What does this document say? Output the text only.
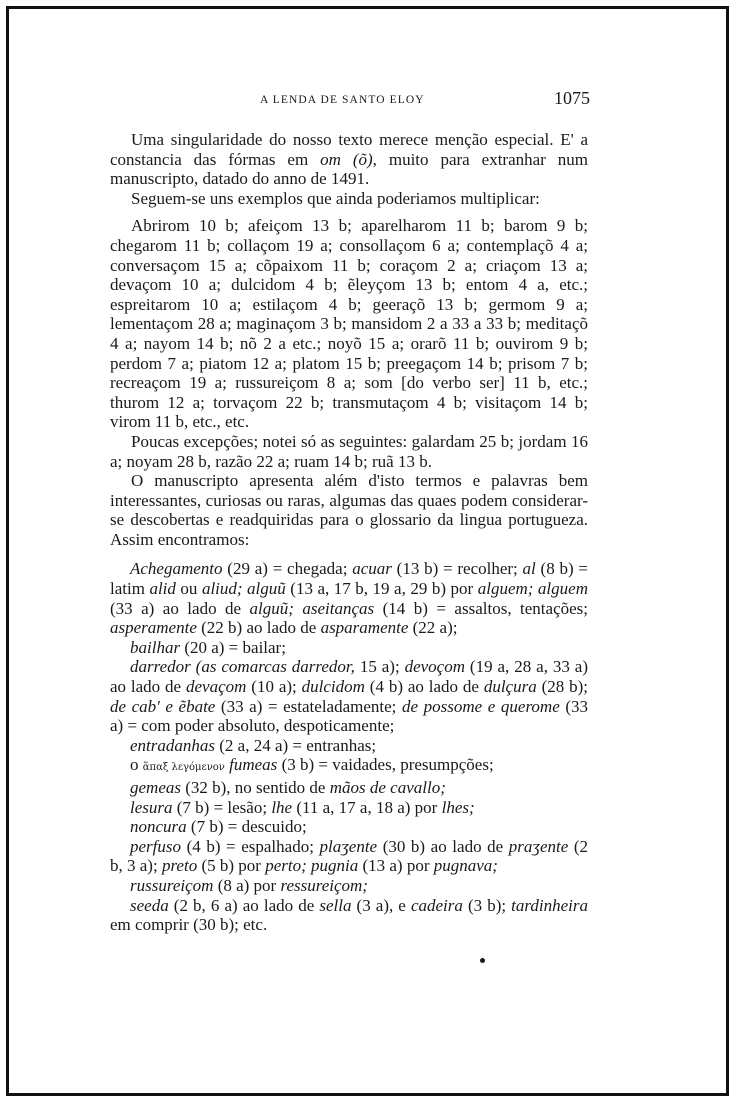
A LENDA DE SANTO ELOY	1075

Uma singularidade do nosso texto merece menção especial. E' a constancia das fórmas em om (õ), muito para extranhar num manuscripto, datado do anno de 1491.

Seguem-se uns exemplos que ainda poderiamos multiplicar:

Abrirom 10 b; afeiçom 13 b; aparelharom 11 b; barom 9 b; chegarom 11 b; collaçom 19 a; consollaçom 6 a; contemplaçõ 4 a; conversaçom 15 a; cõpaixom 11 b; coraçom 2 a; criaçom 13 a; devaçom 10 a; dulcidom 4 b; ẽleyçom 13 b; entom 4 a, etc.; espreitarom 10 a; estilaçom 4 b; geeraçõ 13 b; germom 9 a; lementaçom 28 a; maginaçom 3 b; mansidom 2 a 33 a 33 b; meditaçõ 4 a; nayom 14 b; nõ 2 a etc.; noyõ 15 a; orarõ 11 b; ouvirom 9 b; perdom 7 a; piatom 12 a; platom 15 b; preegaçom 14 b; prisom 7 b; recreaçom 19 a; russureiçom 8 a; som [do verbo ser] 11 b, etc.; thurom 12 a; torvaçom 22 b; transmutaçom 4 b; visitaçom 14 b; virom 11 b, etc., etc.

Poucas excepções; notei só as seguintes: galardam 25 b; jordam 16 a; noyam 28 b, razão 22 a; ruam 14 b; ruã 13 b.

O manuscripto apresenta além d'isto termos e palavras bem interessantes, curiosas ou raras, algumas das quaes podem considerar-se descobertas e readquiridas para o glossario da lingua portugueza. Assim encontramos:

Achegamento (29 a) = chegada; acuar (13 b) = recolher; al (8 b) = latim alid ou aliud; alguũ (13 a, 17 b, 19 a, 29 b) por alguem; alguem (33 a) ao lado de alguũ; aseitanças (14 b) = assaltos, tentações; asperamente (22 b) ao lado de asparamente (22 a);

bailhar (20 a) = bailar;

darredor (as comarcas darredor, 15 a); devoçom (19 a, 28 a, 33 a) ao lado de devaçom (10 a); dulcidom (4 b) ao lado de dulçura (28 b); de cab' e ẽbate (33 a) = estateladamente; de possome e querome (33 a) = com poder absoluto, despoticamente;

entradanhas (2 a, 24 a) = entranhas;

o ἅπαξ λεγόμενον fumeas (3 b) = vaidades, presumpções;

gemeas (32 b), no sentido de mãos de cavallo;

lesura (7 b) = lesão; lhe (11 a, 17 a, 18 a) por lhes;

noncura (7 b) = descuido;

perfuso (4 b) = espalhado; plaʒente (30 b) ao lado de praʒente (2 b, 3 a); preto (5 b) por perto; pugnia (13 a) por pugnava;

russureiçom (8 a) por ressureiçom;

seeda (2 b, 6 a) ao lado de sella (3 a), e cadeira (3 b); tardinheira em comprir (30 b); etc.
